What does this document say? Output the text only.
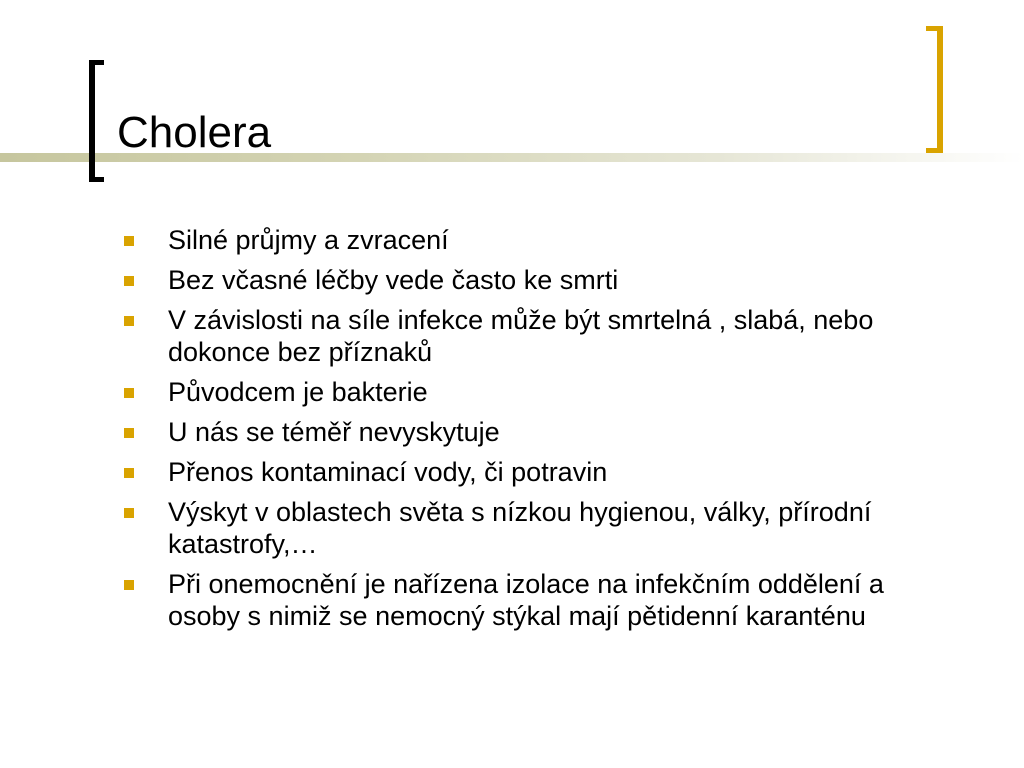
Cholera
Silné průjmy a zvracení
Bez včasné léčby vede často ke smrti
V závislosti na síle infekce může být smrtelná , slabá, nebo dokonce bez příznaků
Původcem je bakterie
U nás se téměř nevyskytuje
Přenos kontaminací vody, či potravin
Výskyt v oblastech světa s nízkou hygienou, války, přírodní katastrofy,…
Při onemocnění je nařízena izolace na infekčním oddělení a osoby s nimiž se nemocný stýkal mají pětidenní karanténu
